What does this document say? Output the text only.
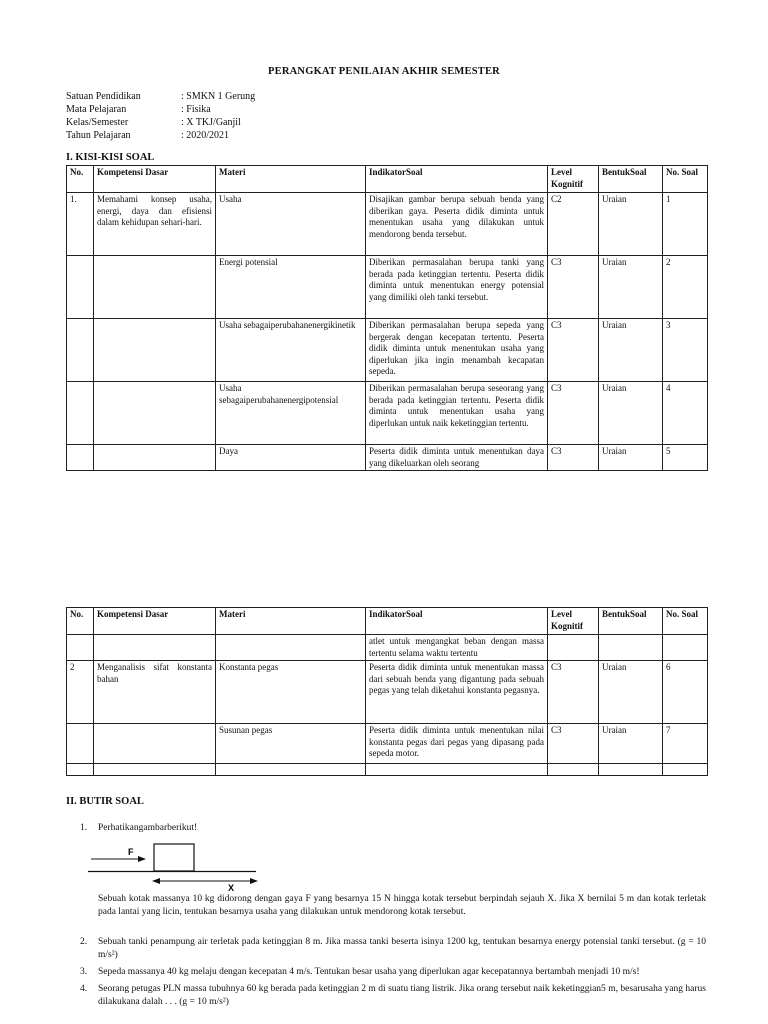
PERANGKAT PENILAIAN AKHIR SEMESTER
Satuan Pendidikan	: SMKN 1 Gerung
Mata Pelajaran	: Fisika
Kelas/Semester	: X TKJ/Ganjil
Tahun Pelajaran	: 2020/2021
I. KISI-KISI SOAL
No.	Kompetensi Dasar	Materi	IndikatorSoal	Level Kognitif	BentukSoal	No. Soal
1.	Memahami konsep usaha, energi, daya dan efisiensi dalam kehidupan sehari-hari.	Usaha	Disajikan gambar berupa sebuah benda yang diberikan gaya. Peserta didik diminta untuk menentukan usaha yang dilakukan untuk mendorong benda tersebut.	C2	Uraian	1
		Energi potensial	Diberikan permasalahan berupa tanki yang berada pada ketinggian tertentu. Peserta didik diminta untuk menentukan energy potensial yang dimiliki oleh tanki tersebut.	C3	Uraian	2
		Usaha sebagaiperubahanenergikinetik	Diberikan permasalahan berupa sepeda yang bergerak dengan kecepatan tertentu. Peserta didik diminta untuk menentukan usaha yang diperlukan jika ingin menambah kecapatan sepeda.	C3	Uraian	3
		Usaha sebagaiperubahanenergipotensial	Diberikan permasalahan berupa seseorang yang berada pada ketinggian tertentu. Peserta didik diminta untuk menentukan usaha yang diperlukan untuk naik keketinggian tertentu.	C3	Uraian	4
		Daya	Peserta didik diminta untuk menentukan daya yang dikeluarkan oleh seorang	C3	Uraian	5
No.	Kompetensi Dasar	Materi	IndikatorSoal	Level Kognitif	BentukSoal	No. Soal
			atlet untuk mengangkat beban dengan massa tertentu selama waktu tertentu			
2	Menganalisis sifat konstanta bahan	Konstanta pegas	Peserta didik diminta untuk menentukan massa dari sebuah benda yang digantung pada sebuah pegas yang telah diketahui konstanta pegasnya.	C3	Uraian	6
		Susunan pegas	Peserta didik diminta untuk menentukan nilai konstanta pegas dari pegas yang dipasang pada sepeda motor.	C3	Uraian	7

II. BUTIR SOAL
1.	Perhatikangambarberikut!
F
X
Sebuah kotak massanya 10 kg didorong dengan gaya F yang besarnya 15 N hingga kotak tersebut berpindah sejauh X. Jika X bernilai 5 m dan kotak terletak pada lantai yang licin, tentukan besarnya usaha yang dilakukan untuk mendorong kotak tersebut.
2.	Sebuah tanki penampung air terletak pada ketinggian 8 m. Jika massa tanki beserta isinya 1200 kg, tentukan besarnya energy potensial tanki tersebut. (g = 10 m/s²)
3.	Sepeda massanya 40 kg melaju dengan kecepatan 4 m/s. Tentukan besar usaha yang diperlukan agar kecepatannya bertambah menjadi 10 m/s!
4.	Seorang petugas PLN massa tubuhnya 60 kg berada pada ketinggian 2 m di suatu tiang listrik. Jika orang tersebut naik keketinggian5 m, besarusaha yang harus dilakukana dalah . . . (g = 10 m/s²)
